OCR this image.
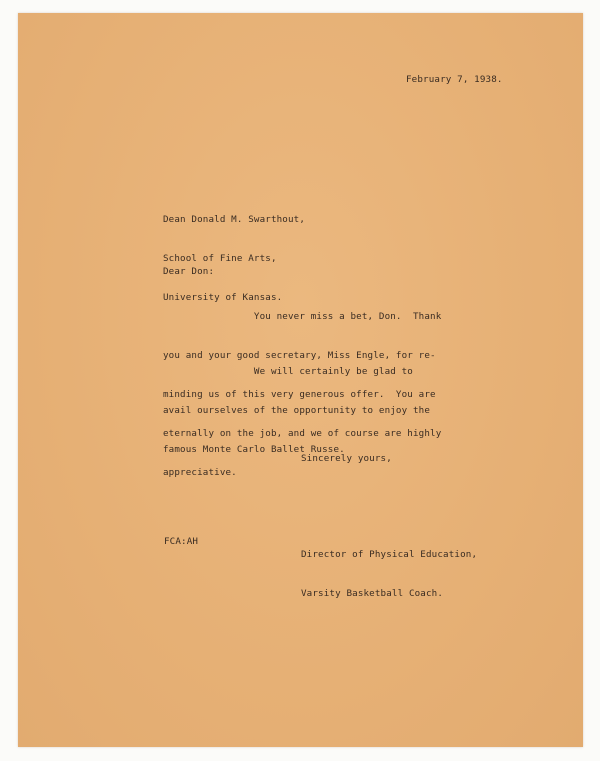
February 7, 1938.

Dean Donald M. Swarthout,

School of Fine Arts,

University of Kansas.

Dear Don:

You never miss a bet, Don.  Thank

you and your good secretary, Miss Engle, for re-

minding us of this very generous offer.  You are

eternally on the job, and we of course are highly

appreciative.

We will certainly be glad to

avail ourselves of the opportunity to enjoy the

famous Monte Carlo Ballet Russe.

Sincerely yours,

Director of Physical Education,

Varsity Basketball Coach.

FCA:AH
